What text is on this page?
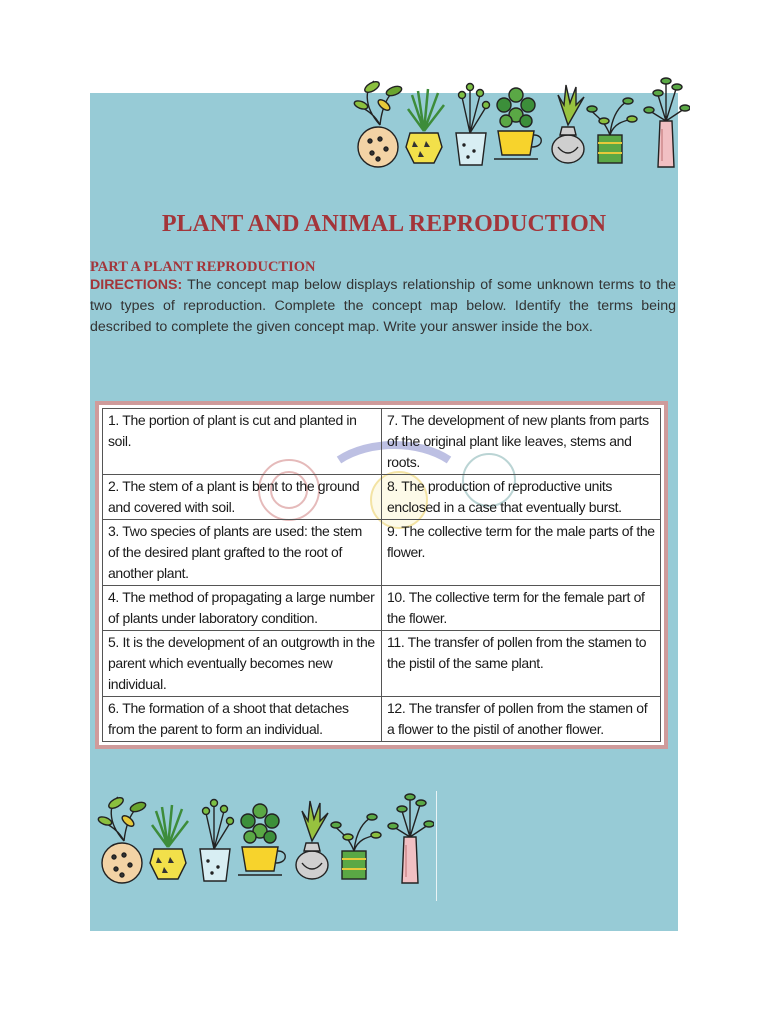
PLANT AND ANIMAL REPRODUCTION
PART A PLANT REPRODUCTION

DIRECTIONS: The concept map below displays relationship of some unknown terms to the two types of reproduction. Complete the concept map below. Identify the terms being described to complete the given concept map. Write your answer inside the box.

1. The portion of plant is cut and planted in soil.	7. The development of new plants from parts of the original plant like leaves, stems and roots.
2. The stem of a plant is bent to the ground and covered with soil.	8. The production of reproductive units enclosed in a case that eventually burst.
3. Two species of plants are used: the stem of the desired plant grafted to the root of another plant.	9. The collective term for the male parts of the flower.
4. The method of propagating a large number of plants under laboratory condition.	10. The collective term for the female part of the flower.
5. It is the development of an outgrowth in the parent which eventually becomes new individual.	11. The transfer of pollen from the stamen to the pistil of the same plant.
6. The formation of a shoot that detaches from the parent to form an individual.	12. The transfer of pollen from the stamen of a flower to the pistil of another flower.
